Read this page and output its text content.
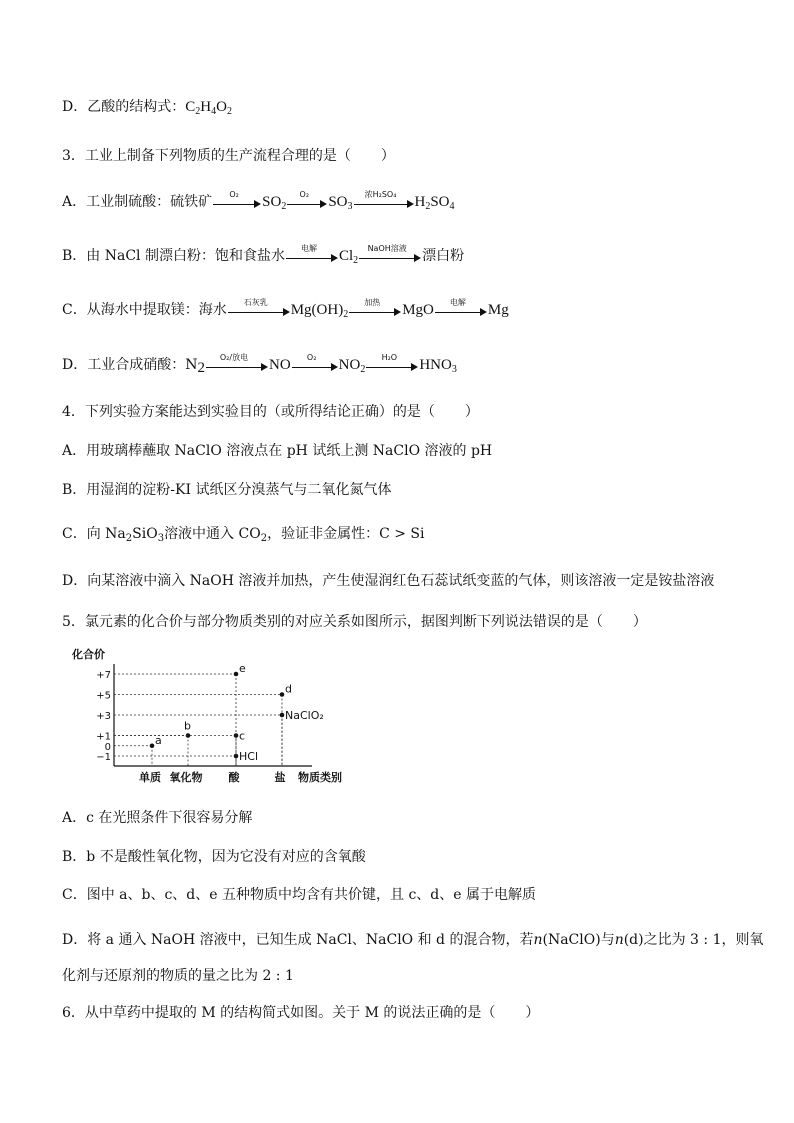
D．乙酸的结构式：$C_2H_4O_2$
3．工业上制备下列物质的生产流程合理的是（ ）
A．工业制硫酸：硫铁矿	O₂	$SO_2$
O₂	$SO_3$
浓H₂SO₄	$H_2SO_4$
B．由 NaCl 制漂白粉：饱和食盐水	电解	$Cl_2$
NaOH溶液	漂白粉
C．从海水中提取镁：海水	石灰乳	$Mg(OH)_2$
加热	MgO	电解	Mg
D．工业合成硝酸：$N_2$
O₂/放电	NO	O₂	$NO_2$
H₂O	$HNO_3$
4．下列实验方案能达到实验目的（或所得结论正确）的是（ ）
A．用玻璃棒蘸取 NaClO 溶液点在 pH 试纸上测 NaClO 溶液的 pH
B．用湿润的淀粉-KI 试纸区分溴蒸气与二氧化氮气体
C．向 $Na_2SiO_3$溶液中通入 $CO_2$，验证非金属性：C > Si
D．向某溶液中滴入 NaOH 溶液并加热，产生使湿润红色石蕊试纸变蓝的气体，则该溶液一定是铵盐溶液
5．氯元素的化合价与部分物质类别的对应关系如图所示，据图判断下列说法错误的是（ ）
化合价
物质类别
+7
+5
+3
+1
0
−1
单质 氧化物 酸	盐
a
b
c
HCl
e
d
NaClO₂
A．c 在光照条件下很容易分解
B．b 不是酸性氧化物，因为它没有对应的含氧酸
C．图中 a、b、c、d、e 五种物质中均含有共价键，且 c、d、e 属于电解质
D．将 a 通入 NaOH 溶液中，已知生成 NaCl、NaClO 和 d 的混合物，若n(NaClO)与n(d)之比为 3 : 1，则氧
化剂与还原剂的物质的量之比为 2 : 1
6．从中草药中提取的 M 的结构简式如图。关于 M 的说法正确的是（ ）
